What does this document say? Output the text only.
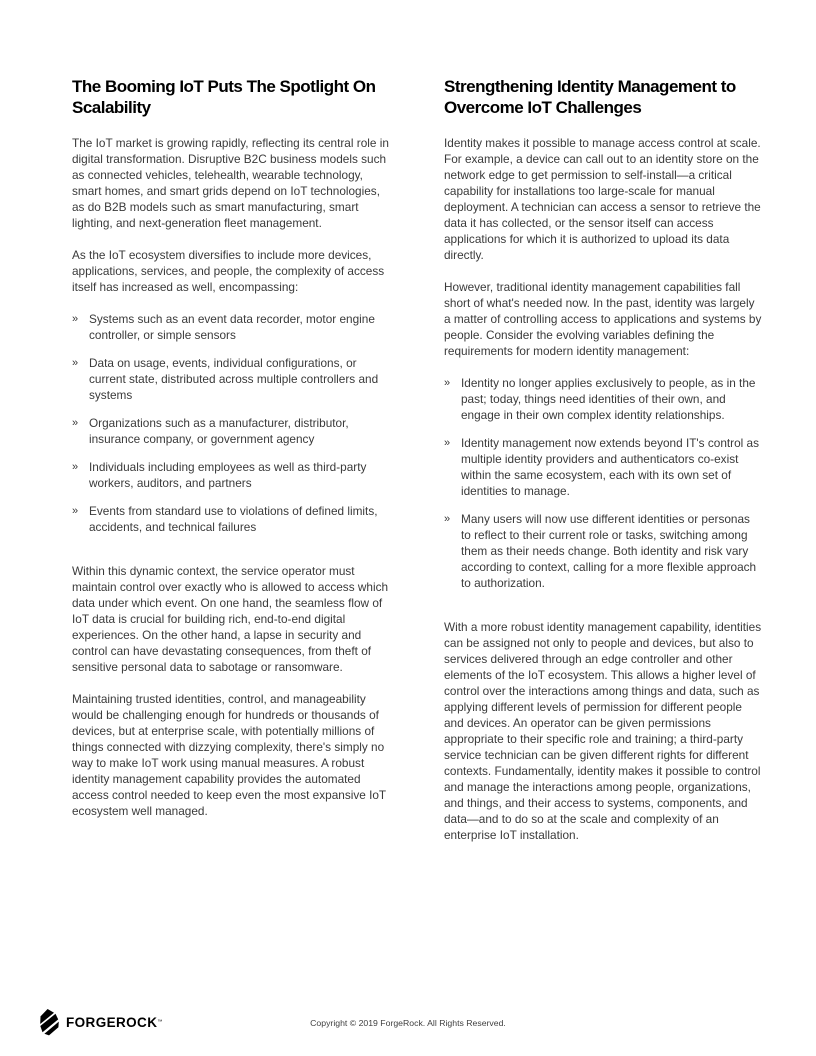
The Booming IoT Puts The Spotlight On
Scalability

The IoT market is growing rapidly, reflecting its central role in digital transformation. Disruptive B2C business models such as connected vehicles, telehealth, wearable technology, smart homes, and smart grids depend on IoT technologies, as do B2B models such as smart manufacturing, smart lighting, and next-generation fleet management.

As the IoT ecosystem diversifies to include more devices, applications, services, and people, the complexity of access itself has increased as well, encompassing:

» Systems such as an event data recorder, motor engine controller, or simple sensors
» Data on usage, events, individual configurations, or current state, distributed across multiple controllers and systems
» Organizations such as a manufacturer, distributor, insurance company, or government agency
» Individuals including employees as well as third-party workers, auditors, and partners
» Events from standard use to violations of defined limits, accidents, and technical failures

Within this dynamic context, the service operator must maintain control over exactly who is allowed to access which data under which event. On one hand, the seamless flow of IoT data is crucial for building rich, end-to-end digital experiences. On the other hand, a lapse in security and control can have devastating consequences, from theft of sensitive personal data to sabotage or ransomware.

Maintaining trusted identities, control, and manageability would be challenging enough for hundreds or thousands of devices, but at enterprise scale, with potentially millions of things connected with dizzying complexity, there's simply no way to make IoT work using manual measures. A robust identity management capability provides the automated access control needed to keep even the most expansive IoT ecosystem well managed.

Strengthening Identity Management to
Overcome IoT Challenges

Identity makes it possible to manage access control at scale. For example, a device can call out to an identity store on the network edge to get permission to self-install—a critical capability for installations too large-scale for manual deployment. A technician can access a sensor to retrieve the data it has collected, or the sensor itself can access applications for which it is authorized to upload its data directly.

However, traditional identity management capabilities fall short of what's needed now. In the past, identity was largely a matter of controlling access to applications and systems by people. Consider the evolving variables defining the requirements for modern identity management:

» Identity no longer applies exclusively to people, as in the past; today, things need identities of their own, and engage in their own complex identity relationships.
» Identity management now extends beyond IT's control as multiple identity providers and authenticators co-exist within the same ecosystem, each with its own set of identities to manage.
» Many users will now use different identities or personas to reflect to their current role or tasks, switching among them as their needs change. Both identity and risk vary according to context, calling for a more flexible approach to authorization.

With a more robust identity management capability, identities can be assigned not only to people and devices, but also to services delivered through an edge controller and other elements of the IoT ecosystem. This allows a higher level of control over the interactions among things and data, such as applying different levels of permission for different people and devices. An operator can be given permissions appropriate to their specific role and training; a third-party service technician can be given different rights for different contexts. Fundamentally, identity makes it possible to control and manage the interactions among people, organizations, and things, and their access to systems, components, and data—and to do so at the scale and complexity of an enterprise IoT installation.

FORGEROCK ™	Copyright © 2019 ForgeRock. All Rights Reserved.
